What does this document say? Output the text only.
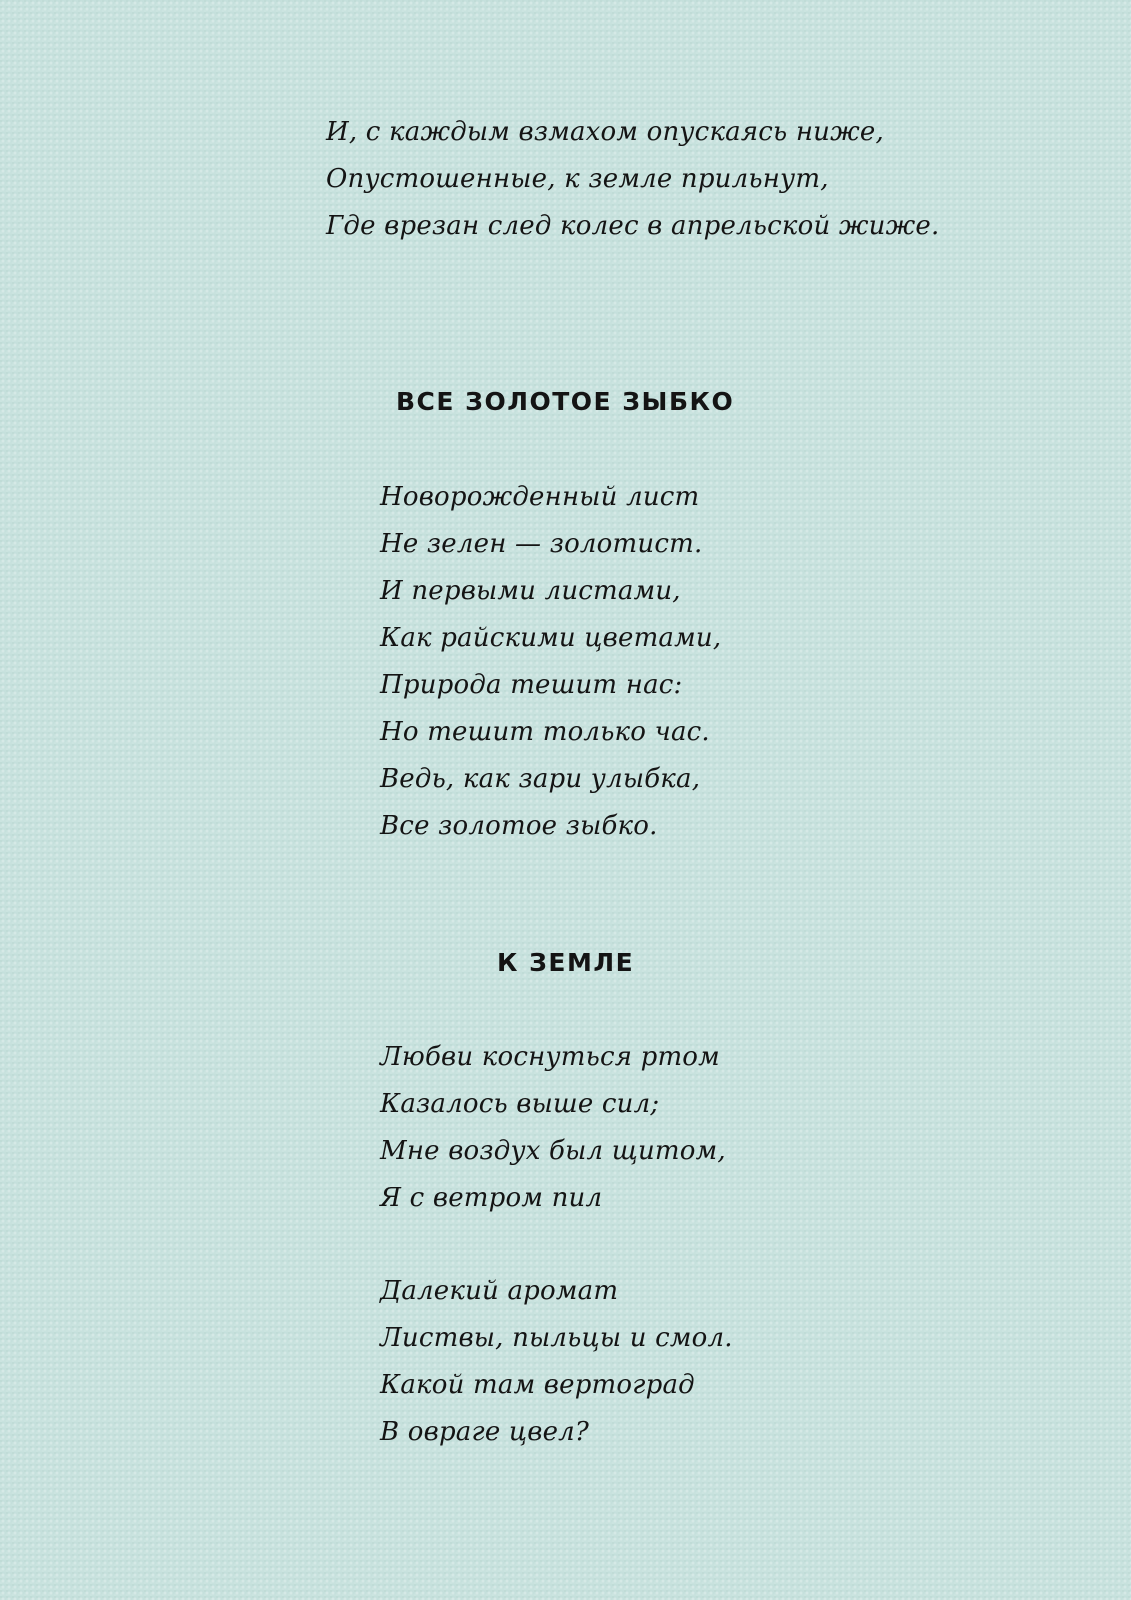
И, с каждым взмахом опускаясь ниже,
Опустошенные, к земле прильнут,
Где врезан след колес в апрельской жиже.
ВСЕ ЗОЛОТОЕ ЗЫБКО
Новорожденный лист
Не зелен — золотист.
И первыми листами,
Как райскими цветами,
Природа тешит нас:
Но тешит только час.
Ведь, как зари улыбка,
Все золотое зыбко.
К ЗЕМЛЕ
Любви коснуться ртом
Казалось выше сил;
Мне воздух был щитом,
Я с ветром пил
Далекий аромат
Листвы, пыльцы и смол.
Какой там вертоград
В овраге цвел?
